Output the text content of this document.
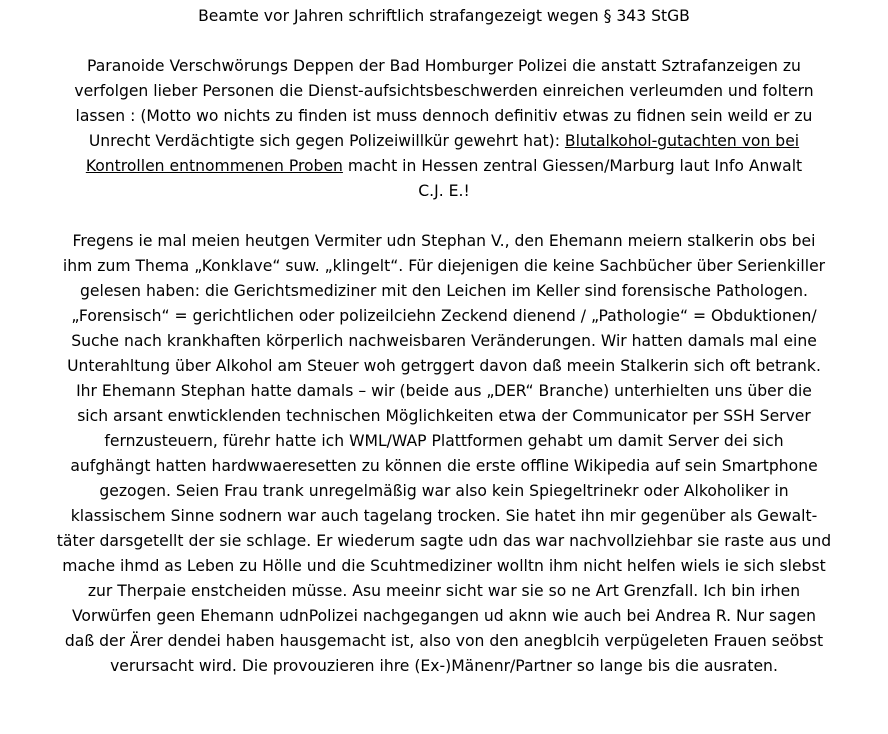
Beamte vor Jahren schriftlich strafangezeigt wegen § 343 StGB
Paranoide Verschwörungs Deppen der Bad Homburger Polizei die anstatt Sztrafanzeigen zu
verfolgen lieber Personen die Dienst-aufsichtsbeschwerden einreichen verleumden und foltern
lassen : (Motto wo nichts zu finden ist muss dennoch definitiv etwas zu fidnen sein weild er zu
Unrecht Verdächtigte sich gegen Polizeiwillkür gewehrt hat): Blutalkohol-gutachten von bei
Kontrollen entnommenen Proben macht in Hessen zentral Giessen/Marburg laut Info Anwalt
C.J. E.!
Fregens ie mal meien heutgen Vermiter udn Stephan V., den Ehemann meiern stalkerin obs bei
ihm zum Thema „Konklave“ suw. „klingelt“. Für diejenigen die keine Sachbücher über Serienkiller
gelesen haben: die Gerichtsmediziner mit den Leichen im Keller sind forensische Pathologen.
„Forensisch“ = gerichtlichen oder polizeilciehn Zeckend dienend / „Pathologie“ = Obduktionen/
Suche nach krankhaften körperlich nachweisbaren Veränderungen. Wir hatten damals mal eine
Unterahltung über Alkohol am Steuer woh getrggert davon daß meein Stalkerin sich oft betrank.
Ihr Ehemann Stephan hatte damals – wir (beide aus „DER“ Branche) unterhielten uns über die
sich arsant enwticklenden technischen Möglichkeiten etwa der Communicator per SSH Server
fernzusteuern, fürehr hatte ich WML/WAP Plattformen gehabt um damit Server dei sich
aufghängt hatten hardwwaeresetten zu können die erste offline Wikipedia auf sein Smartphone
gezogen. Seien Frau trank unregelmäßig war also kein Spiegeltrinekr oder Alkoholiker in
klassischem Sinne sodnern war auch tagelang trocken. Sie hatet ihn mir gegenüber als Gewalt-
täter darsgetellt der sie schlage. Er wiederum sagte udn das war nachvollziehbar sie raste aus und
mache ihmd as Leben zu Hölle und die Scuhtmediziner wolltn ihm nicht helfen wiels ie sich slebst
zur Therpaie enstcheiden müsse. Asu meeinr sicht war sie so ne Art Grenzfall. Ich bin irhen
Vorwürfen geen Ehemann udnPolizei nachgegangen ud aknn wie auch bei Andrea R. Nur sagen
daß der Ärer dendei haben hausgemacht ist, also von den anegblcih verpügeleten Frauen seöbst
verursacht wird. Die provouzieren ihre (Ex-)Mänenr/Partner so lange bis die ausraten.
